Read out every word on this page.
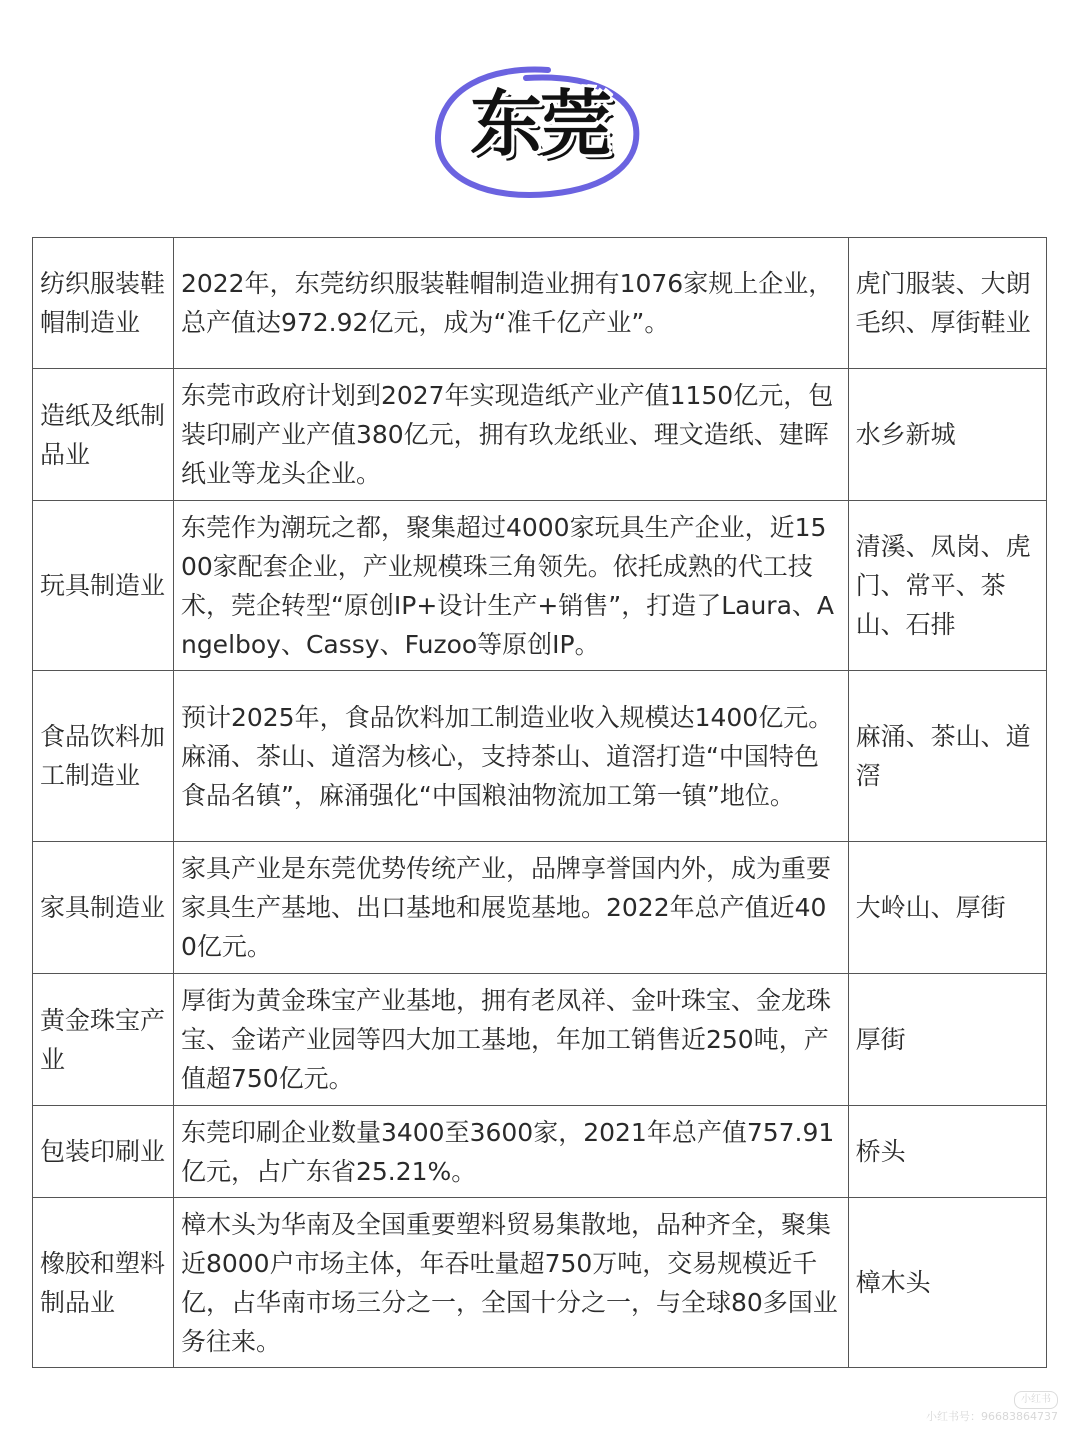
东莞
纺织服装鞋帽制造业	2022年，东莞纺织服装鞋帽制造业拥有1076家规上企业，总产值达972.92亿元，成为“准千亿产业”。	虎门服装、大朗毛织、厚街鞋业
造纸及纸制品业	东莞市政府计划到2027年实现造纸产业产值1150亿元，包装印刷产业产值380亿元，拥有玖龙纸业、理文造纸、建晖纸业等龙头企业。	水乡新城
玩具制造业	东莞作为潮玩之都，聚集超过4000家玩具生产企业，近1500家配套企业，产业规模珠三角领先。依托成熟的代工技术，莞企转型“原创IP+设计生产+销售”，打造了Laura、Angelboy、Cassy、Fuzoo等原创IP。	清溪、凤岗、虎门、常平、茶山、石排
食品饮料加工制造业	预计2025年，食品饮料加工制造业收入规模达1400亿元。麻涌、茶山、道滘为核心，支持茶山、道滘打造“中国特色食品名镇”，麻涌强化“中国粮油物流加工第一镇”地位。	麻涌、茶山、道滘
家具制造业	家具产业是东莞优势传统产业，品牌享誉国内外，成为重要家具生产基地、出口基地和展览基地。2022年总产值近400亿元。	大岭山、厚街
黄金珠宝产业	厚街为黄金珠宝产业基地，拥有老凤祥、金叶珠宝、金龙珠宝、金诺产业园等四大加工基地，年加工销售近250吨，产值超750亿元。	厚街
包装印刷业	东莞印刷企业数量3400至3600家，2021年总产值757.91亿元，占广东省25.21%。	桥头
橡胶和塑料制品业	樟木头为华南及全国重要塑料贸易集散地，品种齐全，聚集近8000户市场主体，年吞吐量超750万吨，交易规模近千亿，占华南市场三分之一，全国十分之一，与全球80多国业务往来。	樟木头
小红书
小红书号：96683864737
